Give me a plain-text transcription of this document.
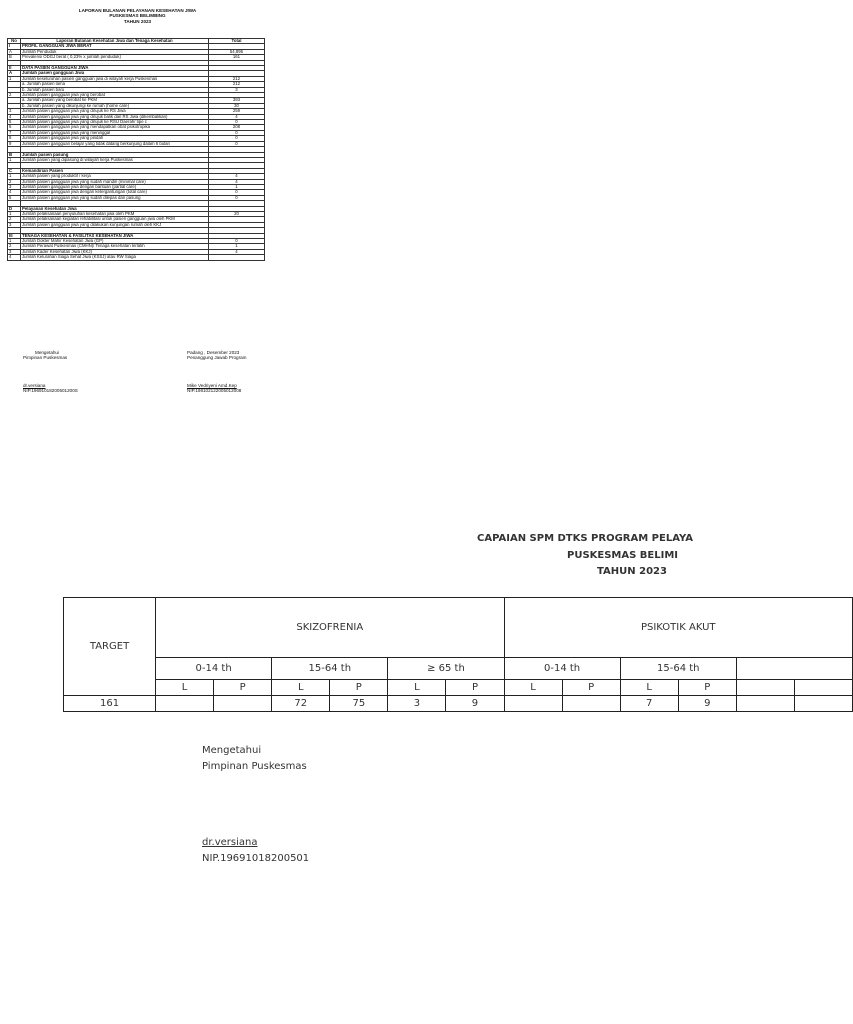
LAPORAN BULANAN PELAYANAN KESEHATAN JIWA
PUSKESMAS BELIMBING
TAHUN 2023
No	Laporan Bulanan Kesehatan Jiwa dan Tenaga Kesehatan	Total
I	PROFIL GANGGUAN JIWA BERAT	
A	Jumlah Penduduk	54,895
B	Prevalensi ODGJ berat ( 0,23% x jumlah penduduk)	161

II	DATA PASIEN GANGGUAN JIWA	
A	Jumlah pasien gangguan Jiwa	
1	Jumlah keseluruhan pasien gangguan jiwa di wilayah kerja Puskesmas	212
	a. Jumlah pasien lama	212
	b. Jumlah pasien baru	3
2	Jumlah pasien gangguan jiwa yang berobat	
	a. Jumlah pasien yang berobat ke PKM	393
	b. Jumlah pasien yang dikunjungi ke rumah (home care)	30
3	Jumlah pasien gangguan jiwa yang dirujuk ke RS Jiwa	259
4	Jumlah pasien gangguan jiwa yang dirujuk balik dari RS Jiwa (dikembalikan)	4
5	Jumlah pasien gangguan jiwa yang dirujuk ke RSU Daerah/ tipe c	0
6	Jumlah pasien gangguan jiwa yang mendapatkan obat psikotropika	208
7	Jumlah pasien gangguan jiwa yang meninggal	0
8	Jumlah pasien gangguan jiwa yang pindah	0
9	Jumlah pasien gangguan belajar yang tidak datang berkunjung dalam 6 bulan	0

B	Jumlah pasien pasung	
1	Jumlah pasien yang dipasung di wilayah kerja Puskesmas	

C	Kemandirian Pasien	
1	Jumlah pasien yang produktif / kerja	4
2	Jumlah pasien gangguan jiwa yang sudah mandiri (minimal care)	4
3	Jumlah pasien gangguan jiwa dengan bantuan (partial care)	1
4	Jumlah pasien gangguan jiwa dengan ketergantungan (total care)	0
5	Jumlah pasien gangguan jiwa yang sudah dilepas dari pasung	0

D	Pelayanan Kesehatan Jiwa	
1	Jumlah pelaksanaan penyuluhan kesehatan jiwa oleh PKM	20
2	Jumlah pelaksanaan kegiatan rehabilitasi untuk pasien gangguan jiwa oleh PKM	
3	Jumlah pasien gangguan jiwa yang dilakukan kunjungan rumah oleh KKJ	

III	TENAGA KESEHATAN & FASILITAS KESEHATAN JIWA	
1	Jumlah Dokter Mahir Kesehatan Jiwa (GP)	0
2	Jumlah Perawat Puskesmas (CMHN)/ Tenaga kesehatan terlatih	1
3	Jumlah Kader Kesehatan Jiwa (KKJ)	4
4	Jumlah Kelurahan Siaga Sehat Jiwa (KSSJ) atau RW Siaga	
Mengetahui
Pimpinan Puskesmas
dr.versiana
NIP.19691018200501200S
Padang , Desember 2023
Penanggung Jawab Program
Mike Vedriyeni Amd.Kep
NIP.198102122005012008
CAPAIAN SPM DTKS PROGRAM PELAYA
PUSKESMAS BELIMI
TAHUN 2023
TARGET	SKIZOFRENIA						PSIKOTIK AKUT					
	0-14 th		15-64 th		≥ 65 th		0-14 th		15-64 th			
	L	P	L	P	L	P	L	P	L	P		
161			72	75	3	9			7	9		
Mengetahui
Pimpinan Puskesmas
dr.versiana
NIP.19691018200501
